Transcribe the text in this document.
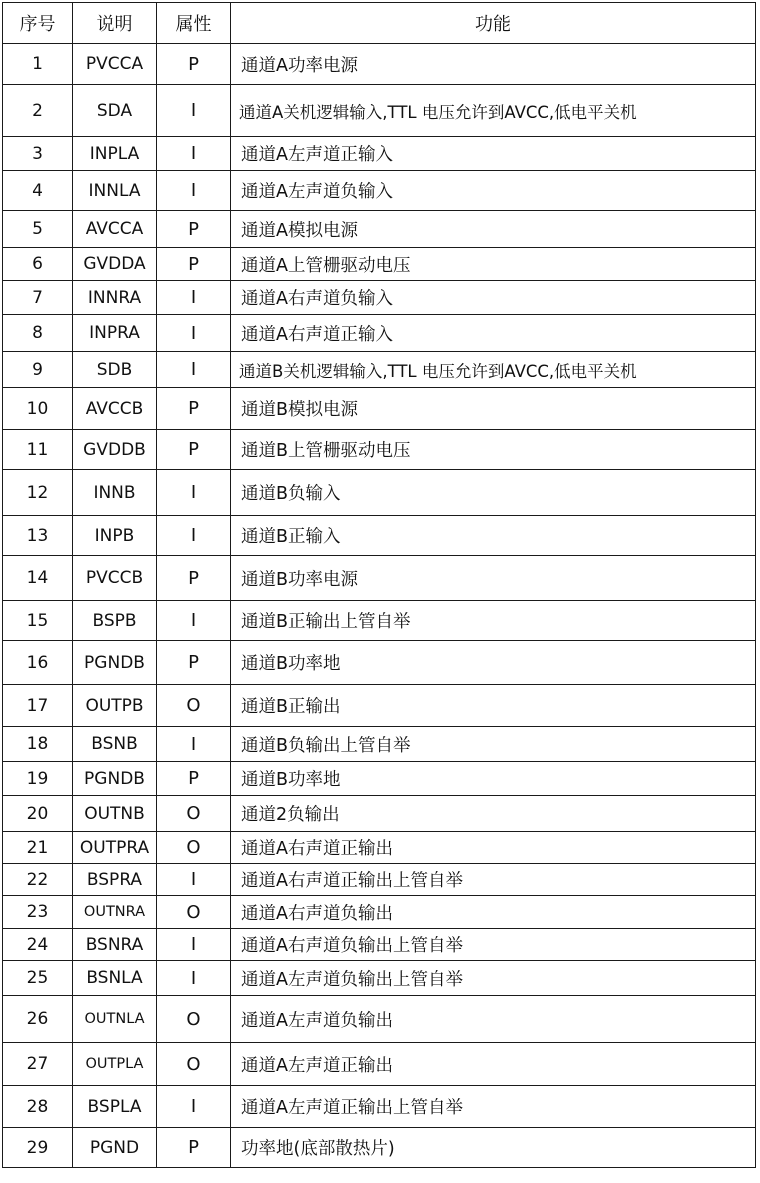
序号	说明	属性	功能
1	PVCCA	P	通道A功率电源
2	SDA	I	通道A关机逻辑输入,TTL 电压允许到AVCC,低电平关机
3	INPLA	I	通道A左声道正输入
4	INNLA	I	通道A左声道负输入
5	AVCCA	P	通道A模拟电源
6	GVDDA	P	通道A上管栅驱动电压
7	INNRA	I	通道A右声道负输入
8	INPRA	I	通道A右声道正输入
9	SDB	I	通道B关机逻辑输入,TTL 电压允许到AVCC,低电平关机
10	AVCCB	P	通道B模拟电源
11	GVDDB	P	通道B上管栅驱动电压
12	INNB	I	通道B负输入
13	INPB	I	通道B正输入
14	PVCCB	P	通道B功率电源
15	BSPB	I	通道B正输出上管自举
16	PGNDB	P	通道B功率地
17	OUTPB	O	通道B正输出
18	BSNB	I	通道B负输出上管自举
19	PGNDB	P	通道B功率地
20	OUTNB	O	通道2负输出
21	OUTPRA	O	通道A右声道正输出
22	BSPRA	I	通道A右声道正输出上管自举
23	OUTNRA	O	通道A右声道负输出
24	BSNRA	I	通道A右声道负输出上管自举
25	BSNLA	I	通道A左声道负输出上管自举
26	OUTNLA	O	通道A左声道负输出
27	OUTPLA	O	通道A左声道正输出
28	BSPLA	I	通道A左声道正输出上管自举
29	PGND	P	功率地(底部散热片)
